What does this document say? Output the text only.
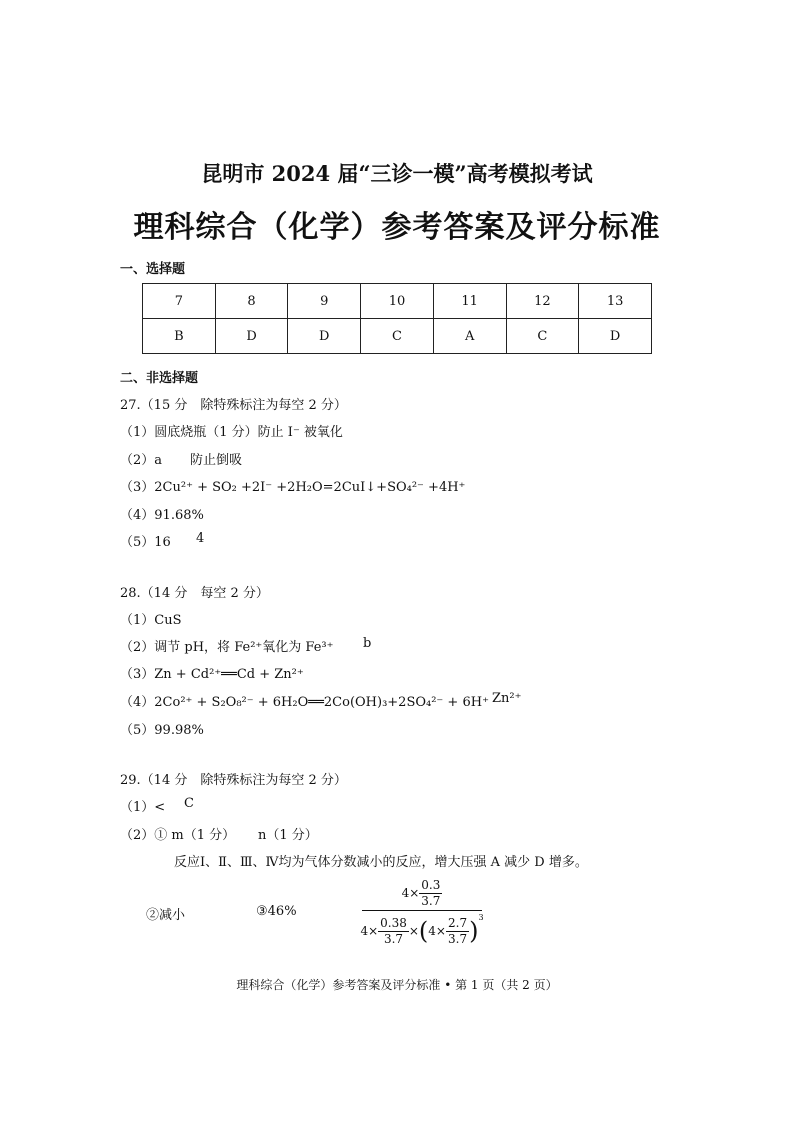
昆明市 2024 届“三诊一模”高考模拟考试
理科综合（化学）参考答案及评分标准
一、选择题
7	8	9	10	11	12	13
B	D	D	C	A	C	D
二、非选择题
27.（15 分　除特殊标注为每空 2 分）
（1）圆底烧瓶（1 分）防止 I⁻ 被氧化
（2）a 防止倒吸
（3）2Cu²⁺ + SO₂ +2I⁻ +2H₂O=2CuI↓+SO₄²⁻ +4H⁺
（4）91.68%
（5）16 4
28.（14 分　每空 2 分）
（1）CuS
（2）调节 pH，将 Fe²⁺氧化为 Fe³⁺ b
（3）Zn + Cd²⁺══Cd + Zn²⁺
（4）2Co²⁺ + S₂O₈²⁻ + 6H₂O══2Co(OH)₃+2SO₄²⁻ + 6H⁺ Zn²⁺
（5）99.98%
29.（14 分　除特殊标注为每空 2 分）
（1）< C
（2）① m（1 分） n（1 分）
反应Ⅰ、Ⅱ、Ⅲ、Ⅳ均为气体分数减小的反应，增大压强 A 减少 D 增多。
②减小	③46%
$4\times \frac{0.3}{3.7}$
$4\times \frac{0.38}{3.7}$ × ( $4\times \frac{2.7}{3.7} )^3$
理科综合（化学）参考答案及评分标准 • 第 1 页（共 2 页）
